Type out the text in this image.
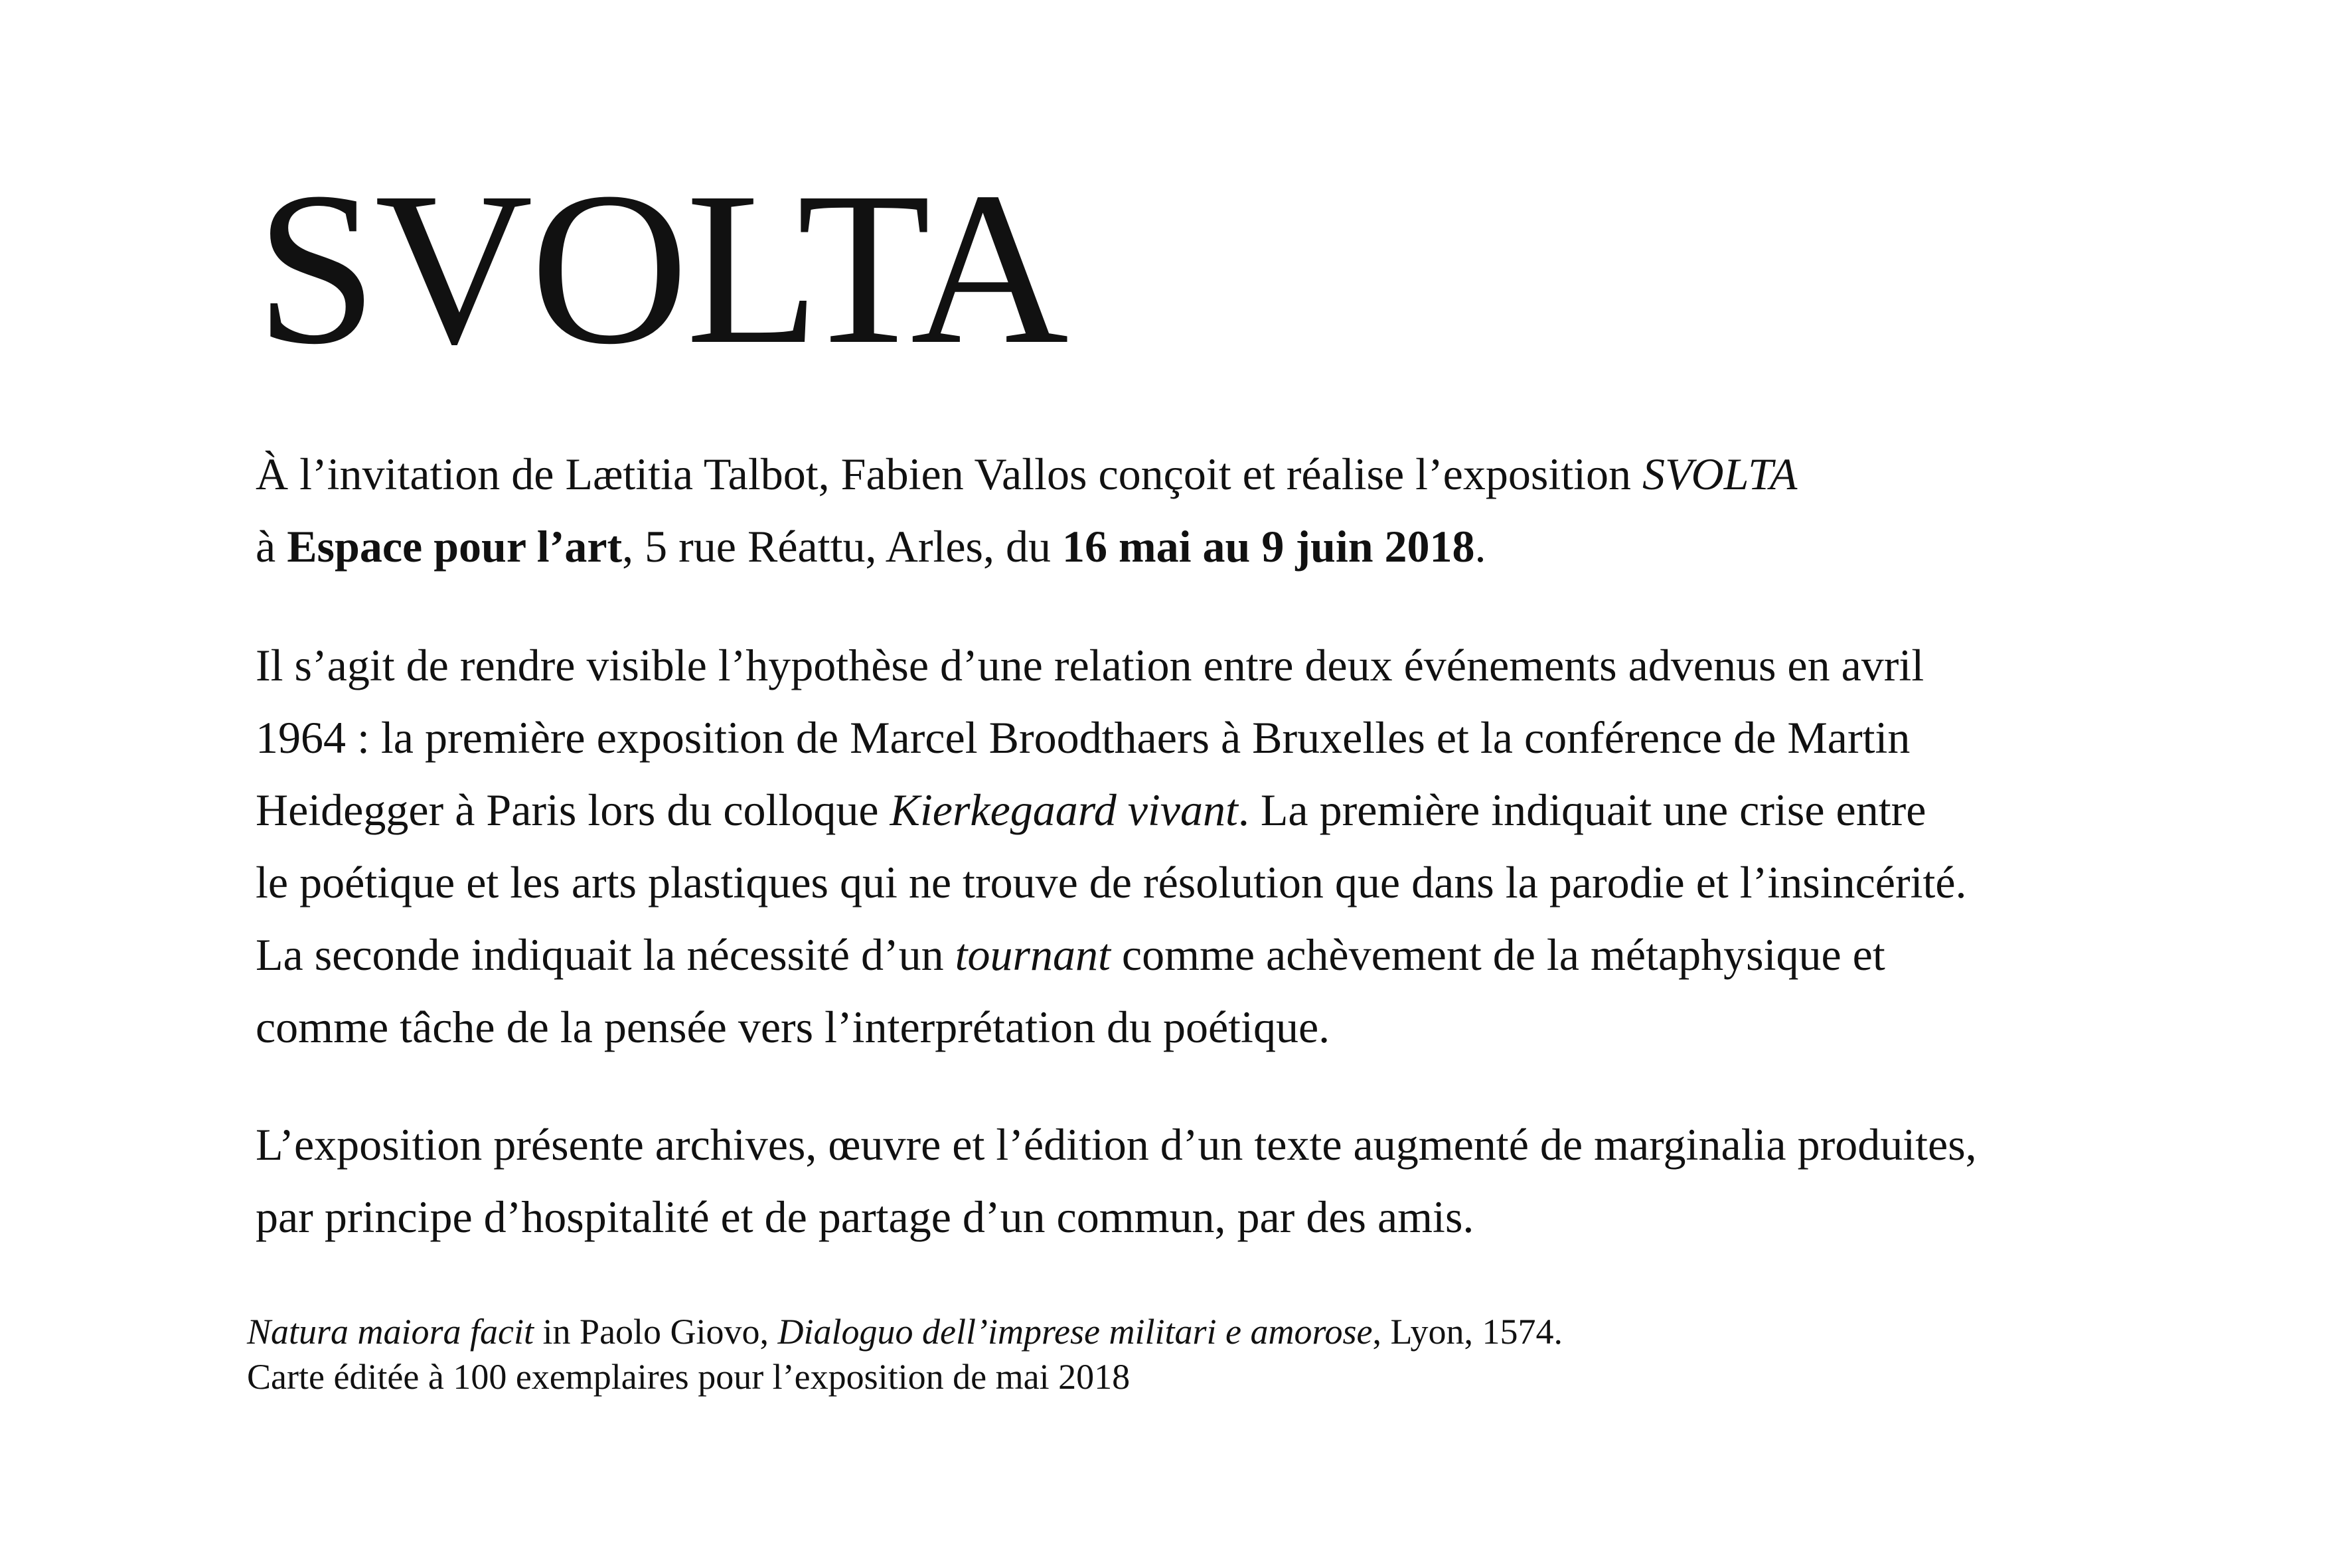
SVOLTA

À l’invitation de Lætitia Talbot, Fabien Vallos conçoit et réalise l’exposition SVOLTA
à Espace pour l’art, 5 rue Réattu, Arles, du 16 mai au 9 juin 2018.

Il s’agit de rendre visible l’hypothèse d’une relation entre deux événements advenus en avril
1964 : la première exposition de Marcel Broodthaers à Bruxelles et la conférence de Martin
Heidegger à Paris lors du colloque Kierkegaard vivant. La première indiquait une crise entre
le poétique et les arts plastiques qui ne trouve de résolution que dans la parodie et l’insincérité.
La seconde indiquait la nécessité d’un tournant comme achèvement de la métaphysique et
comme tâche de la pensée vers l’interprétation du poétique.

L’exposition présente archives, œuvre et l’édition d’un texte augmenté de marginalia produites,
par principe d’hospitalité et de partage d’un commun, par des amis.

Natura maiora facit in Paolo Giovo, Dialoguo dell’imprese militari e amorose, Lyon, 1574.
Carte éditée à 100 exemplaires pour l’exposition de mai 2018
